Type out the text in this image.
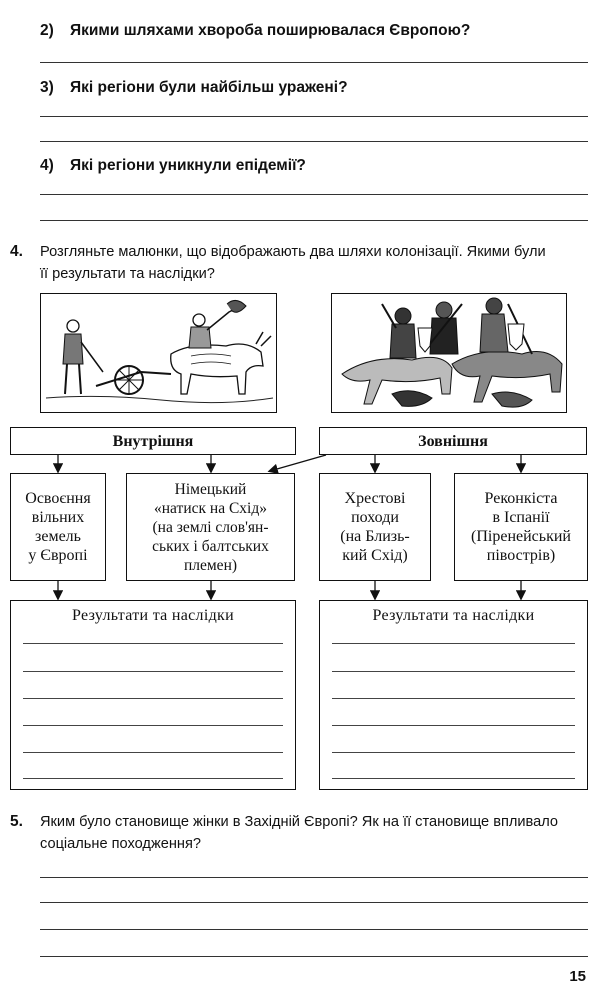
2) Якими шляхами хвороба поширювалася Європою?
3) Які регіони були найбільш уражені?
4) Які регіони уникнули епідемії?
4. Розгляньте малюнки, що відображають два шляхи колонізації. Якими були
її результати та наслідки?
Внутрішня	Зовнішня
Освоєння
вільних
земель
у Європі
Німецький
«натиск на Схід»
(на землі слов'ян-
ських і балтських
племен)
Хрестові
походи
(на Близь-
кий Схід)
Реконкіста
в Іспанії
(Піренейський
півострів)
Результати та наслідки	Результати та наслідки
5. Яким було становище жінки в Західній Європі? Як на її становище впливало
соціальне походження?
15
